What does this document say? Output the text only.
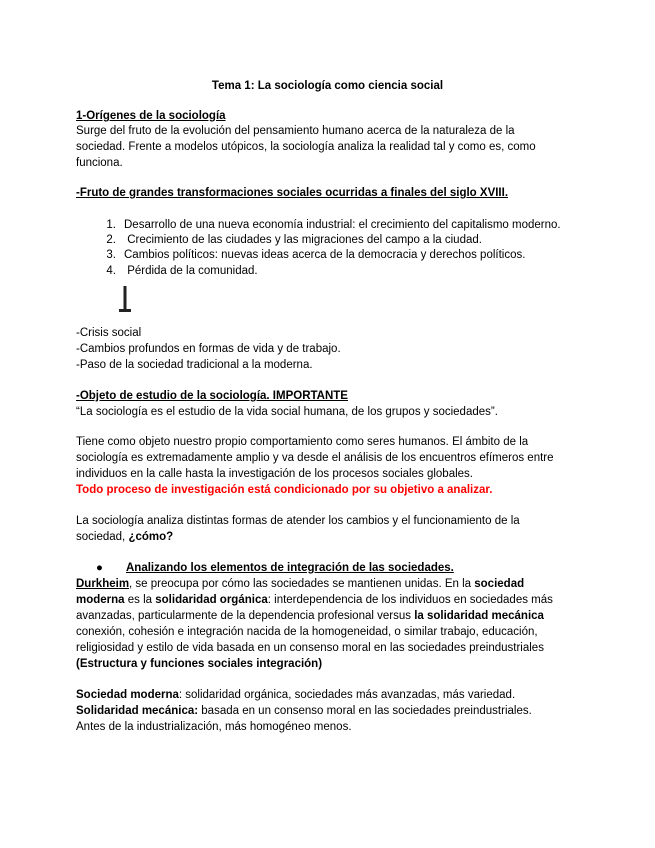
Tema 1: La sociología como ciencia social
1-Orígenes de la sociología
Surge del fruto de la evolución del pensamiento humano acerca de la naturaleza de la
sociedad. Frente a modelos utópicos, la sociología analiza la realidad tal y como es, como
funciona.
-Fruto de grandes transformaciones sociales ocurridas a finales del siglo XVIII.
1. Desarrollo de una nueva economía industrial: el crecimiento del capitalismo moderno.
2. Crecimiento de las ciudades y las migraciones del campo a la ciudad.
3. Cambios políticos: nuevas ideas acerca de la democracia y derechos políticos.
4. Pérdida de la comunidad.
-Crisis social
-Cambios profundos en formas de vida y de trabajo.
-Paso de la sociedad tradicional a la moderna.
-Objeto de estudio de la sociología. IMPORTANTE
“La sociología es el estudio de la vida social humana, de los grupos y sociedades”.
Tiene como objeto nuestro propio comportamiento como seres humanos. El ámbito de la
sociología es extremadamente amplio y va desde el análisis de los encuentros efímeros entre
individuos en la calle hasta la investigación de los procesos sociales globales.
Todo proceso de investigación está condicionado por su objetivo a analizar.
La sociología analiza distintas formas de atender los cambios y el funcionamiento de la
sociedad, ¿cómo?
● Analizando los elementos de integración de las sociedades.
Durkheim, se preocupa por cómo las sociedades se mantienen unidas. En la sociedad
moderna es la solidaridad orgánica: interdependencia de los individuos en sociedades más
avanzadas, particularmente de la dependencia profesional versus la solidaridad mecánica
conexión, cohesión e integración nacida de la homogeneidad, o similar trabajo, educación,
religiosidad y estilo de vida basada en un consenso moral en las sociedades preindustriales
(Estructura y funciones sociales integración)
Sociedad moderna: solidaridad orgánica, sociedades más avanzadas, más variedad.
Solidaridad mecánica: basada en un consenso moral en las sociedades preindustriales.
Antes de la industrialización, más homogéneo menos.
